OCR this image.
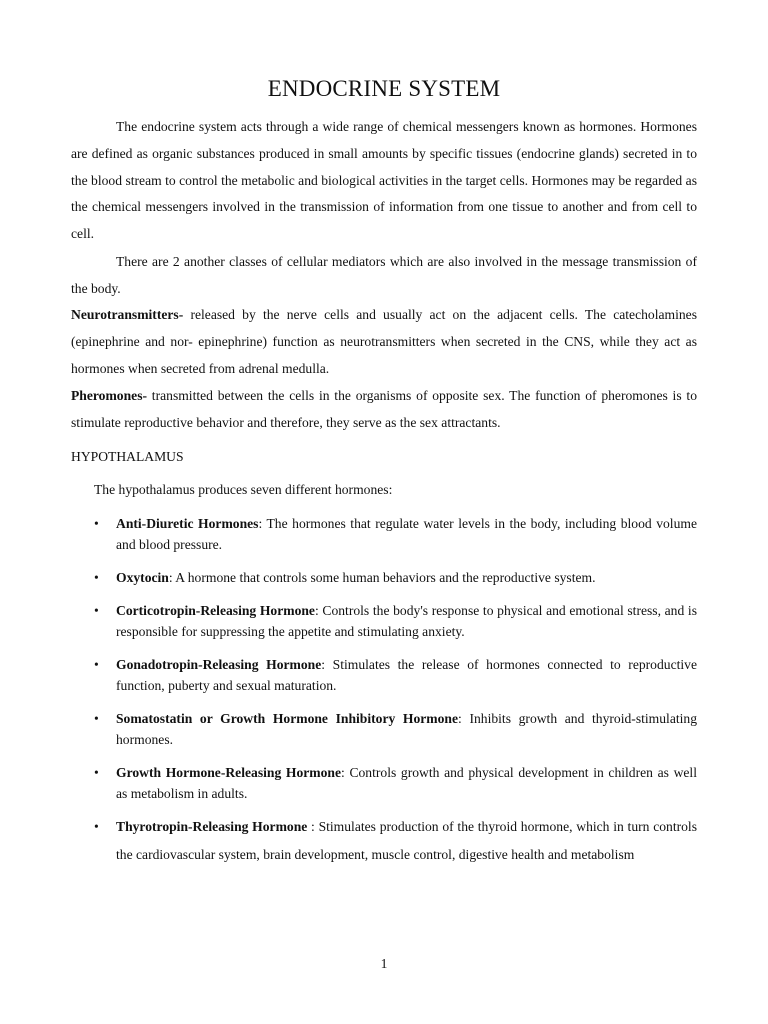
ENDOCRINE SYSTEM

The endocrine system acts through a wide range of chemical messengers known as hormones. Hormones are defined as organic substances produced in small amounts by specific tissues (endocrine glands) secreted in to the blood stream to control the metabolic and biological activities in the target cells. Hormones may be regarded as the chemical messengers involved in the transmission of information from one tissue to another and from cell to cell.

There are 2 another classes of cellular mediators which are also involved in the message transmission of the body.

Neurotransmitters- released by the nerve cells and usually act on the adjacent cells. The catecholamines (epinephrine and nor- epinephrine) function as neurotransmitters when secreted in the CNS, while they act as hormones when secreted from adrenal medulla.

Pheromones- transmitted between the cells in the organisms of opposite sex. The function of pheromones is to stimulate reproductive behavior and therefore, they serve as the sex attractants.

HYPOTHALAMUS

The hypothalamus produces seven different hormones:

•	Anti-Diuretic Hormones: The hormones that regulate water levels in the body, including blood volume and blood pressure.
•	Oxytocin: A hormone that controls some human behaviors and the reproductive system.
•	Corticotropin-Releasing Hormone: Controls the body's response to physical and emotional stress, and is responsible for suppressing the appetite and stimulating anxiety.
•	Gonadotropin-Releasing Hormone: Stimulates the release of hormones connected to reproductive function, puberty and sexual maturation.
•	Somatostatin or Growth Hormone Inhibitory Hormone: Inhibits growth and thyroid-stimulating hormones.
•	Growth Hormone-Releasing Hormone: Controls growth and physical development in children as well as metabolism in adults.
•	Thyrotropin-Releasing Hormone : Stimulates production of the thyroid hormone, which in turn controls the cardiovascular system, brain development, muscle control, digestive health and metabolism
1
